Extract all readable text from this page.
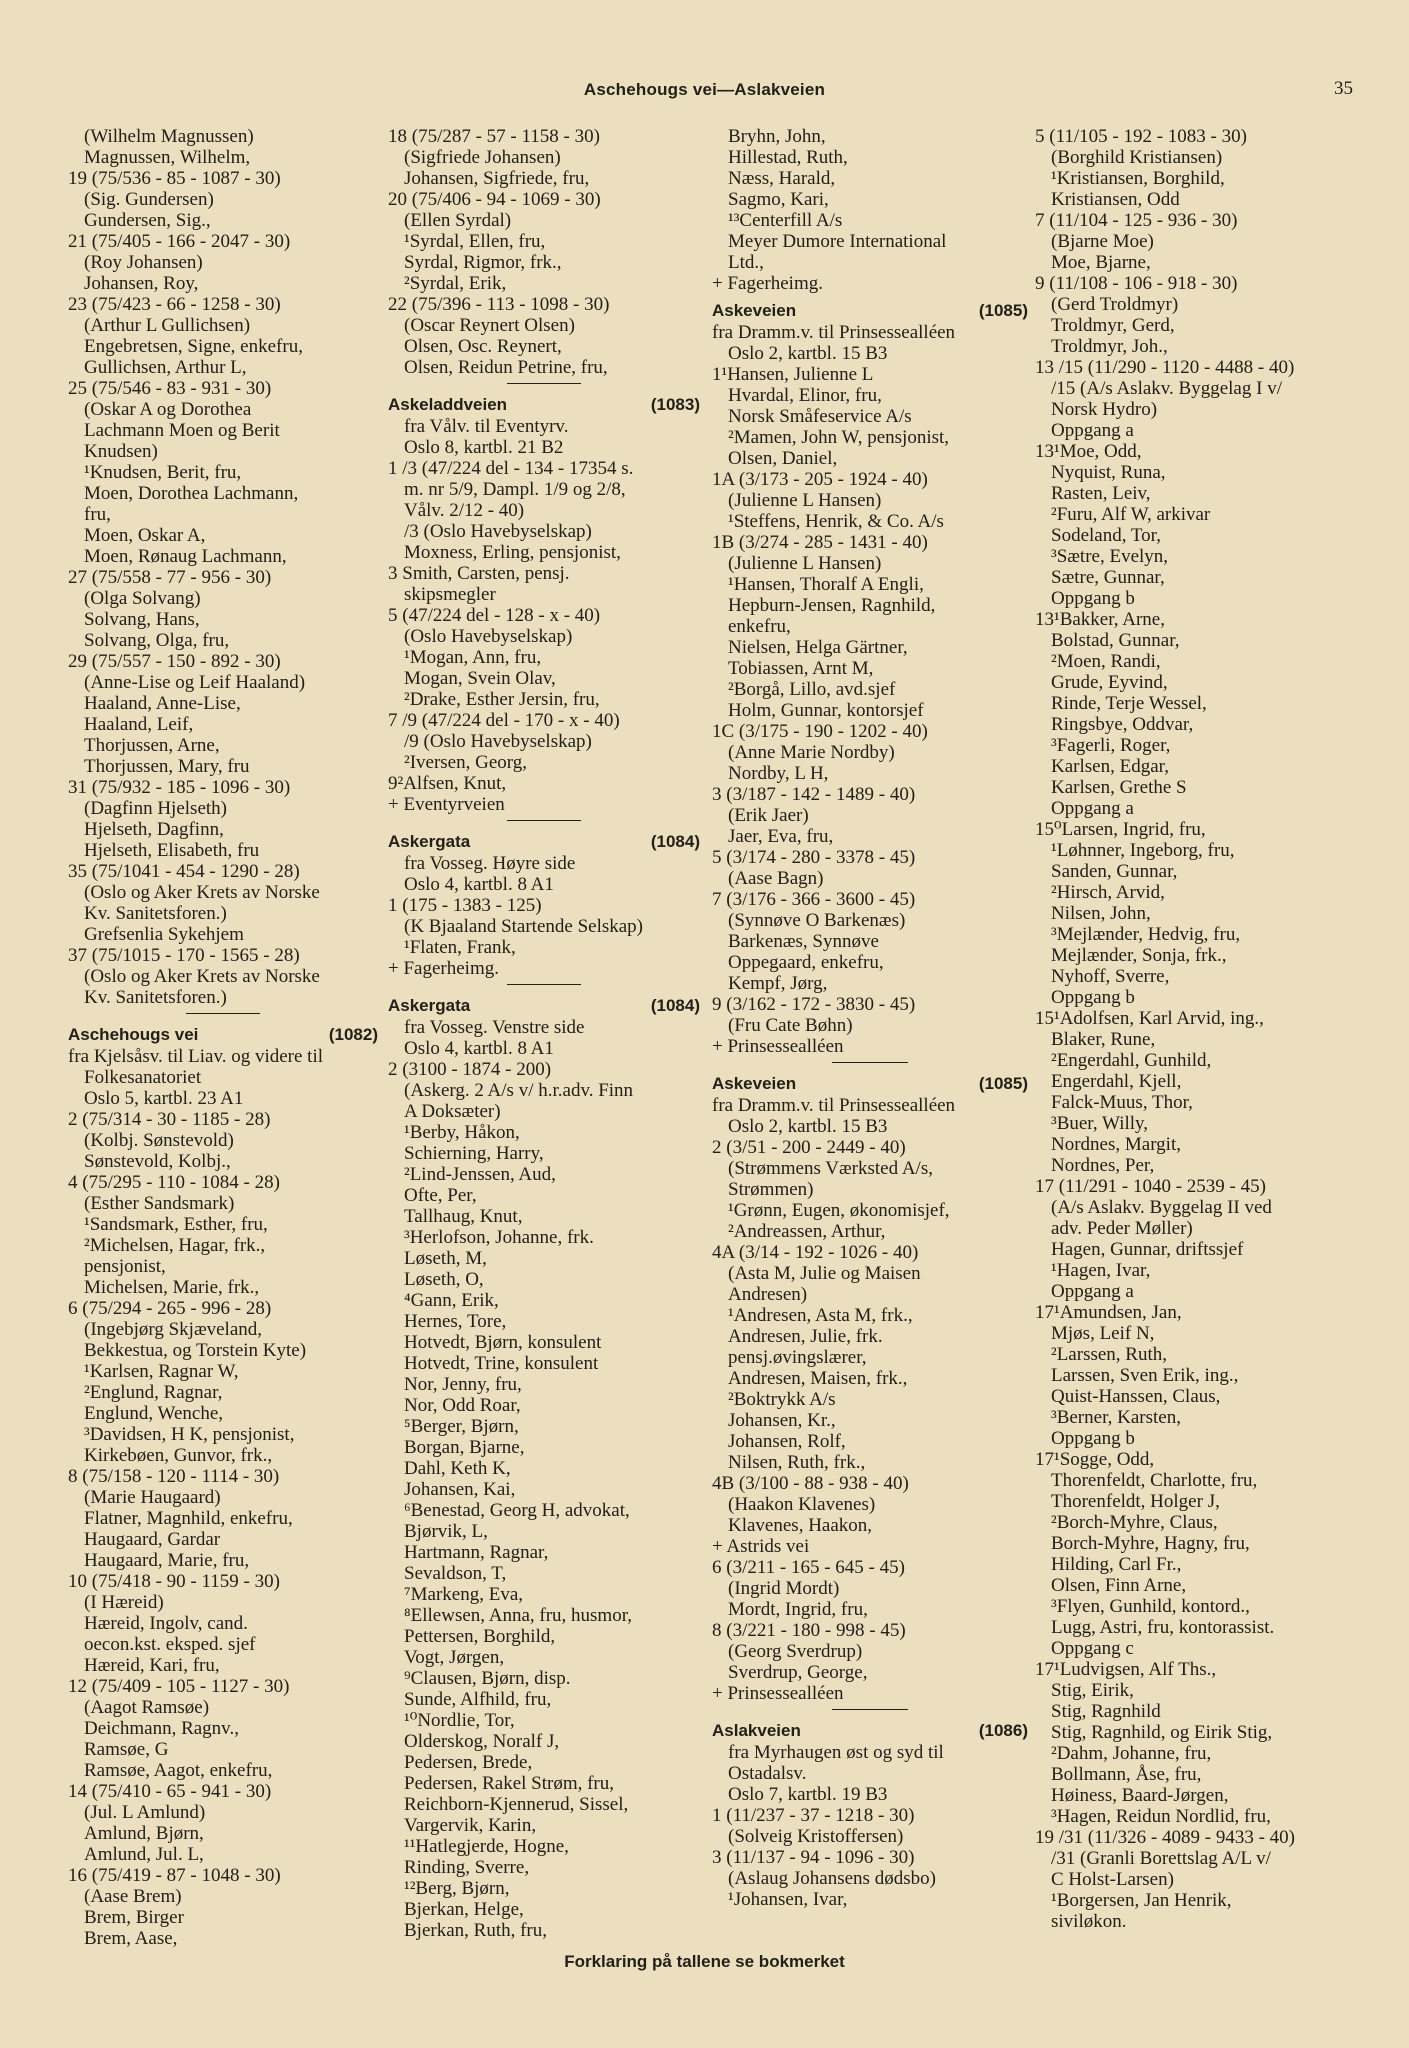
Aschehougs vei—Aslakveien	35
(Wilhelm Magnussen)
Magnussen, Wilhelm,
19 (75/536 - 85 - 1087 - 30)
(Sig. Gundersen)
Gundersen, Sig.,
21 (75/405 - 166 - 2047 - 30)
(Roy Johansen)
Johansen, Roy,
23 (75/423 - 66 - 1258 - 30)
(Arthur L Gullichsen)
Engebretsen, Signe, enkefru,
Gullichsen, Arthur L,
25 (75/546 - 83 - 931 - 30)
(Oskar A og Dorothea
Lachmann Moen og Berit
Knudsen)
¹Knudsen, Berit, fru,
Moen, Dorothea Lachmann,
fru,
Moen, Oskar A,
Moen, Rønaug Lachmann,
27 (75/558 - 77 - 956 - 30)
(Olga Solvang)
Solvang, Hans,
Solvang, Olga, fru,
29 (75/557 - 150 - 892 - 30)
(Anne-Lise og Leif Haaland)
Haaland, Anne-Lise,
Haaland, Leif,
Thorjussen, Arne,
Thorjussen, Mary, fru
31 (75/932 - 185 - 1096 - 30)
(Dagfinn Hjelseth)
Hjelseth, Dagfinn,
Hjelseth, Elisabeth, fru
35 (75/1041 - 454 - 1290 - 28)
(Oslo og Aker Krets av Norske
Kv. Sanitetsforen.)
Grefsenlia Sykehjem
37 (75/1015 - 170 - 1565 - 28)
(Oslo og Aker Krets av Norske
Kv. Sanitetsforen.)
Aschehougs vei	(1082)
fra Kjelsåsv. til Liav. og videre til
Folkesanatoriet
Oslo 5, kartbl. 23 A1
2 (75/314 - 30 - 1185 - 28)
(Kolbj. Sønstevold)
Sønstevold, Kolbj.,
4 (75/295 - 110 - 1084 - 28)
(Esther Sandsmark)
¹Sandsmark, Esther, fru,
²Michelsen, Hagar, frk.,
pensjonist,
Michelsen, Marie, frk.,
6 (75/294 - 265 - 996 - 28)
(Ingebjørg Skjæveland,
Bekkestua, og Torstein Kyte)
¹Karlsen, Ragnar W,
²Englund, Ragnar,
Englund, Wenche,
³Davidsen, H K, pensjonist,
Kirkebøen, Gunvor, frk.,
8 (75/158 - 120 - 1114 - 30)
(Marie Haugaard)
Flatner, Magnhild, enkefru,
Haugaard, Gardar
Haugaard, Marie, fru,
10 (75/418 - 90 - 1159 - 30)
(I Hæreid)
Hæreid, Ingolv, cand.
oecon.kst. eksped. sjef
Hæreid, Kari, fru,
12 (75/409 - 105 - 1127 - 30)
(Aagot Ramsøe)
Deichmann, Ragnv.,
Ramsøe, G
Ramsøe, Aagot, enkefru,
14 (75/410 - 65 - 941 - 30)
(Jul. L Amlund)
Amlund, Bjørn,
Amlund, Jul. L,
16 (75/419 - 87 - 1048 - 30)
(Aase Brem)
Brem, Birger
Brem, Aase,
18 (75/287 - 57 - 1158 - 30)
(Sigfriede Johansen)
Johansen, Sigfriede, fru,
20 (75/406 - 94 - 1069 - 30)
(Ellen Syrdal)
¹Syrdal, Ellen, fru,
Syrdal, Rigmor, frk.,
²Syrdal, Erik,
22 (75/396 - 113 - 1098 - 30)
(Oscar Reynert Olsen)
Olsen, Osc. Reynert,
Olsen, Reidun Petrine, fru,
Askeladdveien	(1083)
fra Vålv. til Eventyrv.
Oslo 8, kartbl. 21 B2
1 /3 (47/224 del - 134 - 17354 s.
m. nr 5/9, Dampl. 1/9 og 2/8,
Vålv. 2/12 - 40)
/3 (Oslo Havebyselskap)
Moxness, Erling, pensjonist,
3 Smith, Carsten, pensj.
skipsmegler
5 (47/224 del - 128 - x - 40)
(Oslo Havebyselskap)
¹Mogan, Ann, fru,
Mogan, Svein Olav,
²Drake, Esther Jersin, fru,
7 /9 (47/224 del - 170 - x - 40)
/9 (Oslo Havebyselskap)
²Iversen, Georg,
9²Alfsen, Knut,
+ Eventyrveien
Askergata	(1084)
fra Vosseg. Høyre side
Oslo 4, kartbl. 8 A1
1 (175 - 1383 - 125)
(K Bjaaland Startende Selskap)
¹Flaten, Frank,
+ Fagerheimg.
Askergata	(1084)
fra Vosseg. Venstre side
Oslo 4, kartbl. 8 A1
2 (3100 - 1874 - 200)
(Askerg. 2 A/s v/ h.r.adv. Finn
A Doksæter)
¹Berby, Håkon,
Schierning, Harry,
²Lind-Jenssen, Aud,
Ofte, Per,
Tallhaug, Knut,
³Herlofson, Johanne, frk.
Løseth, M,
Løseth, O,
⁴Gann, Erik,
Hernes, Tore,
Hotvedt, Bjørn, konsulent
Hotvedt, Trine, konsulent
Nor, Jenny, fru,
Nor, Odd Roar,
⁵Berger, Bjørn,
Borgan, Bjarne,
Dahl, Keth K,
Johansen, Kai,
⁶Benestad, Georg H, advokat,
Bjørvik, L,
Hartmann, Ragnar,
Sevaldson, T,
⁷Markeng, Eva,
⁸Ellewsen, Anna, fru, husmor,
Pettersen, Borghild,
Vogt, Jørgen,
⁹Clausen, Bjørn, disp.
Sunde, Alfhild, fru,
¹⁰Nordlie, Tor,
Olderskog, Noralf J,
Pedersen, Brede,
Pedersen, Rakel Strøm, fru,
Reichborn-Kjennerud, Sissel,
Vargervik, Karin,
¹¹Hatlegjerde, Hogne,
Rinding, Sverre,
¹²Berg, Bjørn,
Bjerkan, Helge,
Bjerkan, Ruth, fru,
Bryhn, John,
Hillestad, Ruth,
Næss, Harald,
Sagmo, Kari,
¹³Centerfill A/s
Meyer Dumore International
Ltd.,
+ Fagerheimg.
Askeveien	(1085)
fra Dramm.v. til Prinsessealléen
Oslo 2, kartbl. 15 B3
1¹Hansen, Julienne L
Hvardal, Elinor, fru,
Norsk Småfeservice A/s
²Mamen, John W, pensjonist,
Olsen, Daniel,
1A (3/173 - 205 - 1924 - 40)
(Julienne L Hansen)
¹Steffens, Henrik, & Co. A/s
1B (3/274 - 285 - 1431 - 40)
(Julienne L Hansen)
¹Hansen, Thoralf A Engli,
Hepburn-Jensen, Ragnhild,
enkefru,
Nielsen, Helga Gärtner,
Tobiassen, Arnt M,
²Borgå, Lillo, avd.sjef
Holm, Gunnar, kontorsjef
1C (3/175 - 190 - 1202 - 40)
(Anne Marie Nordby)
Nordby, L H,
3 (3/187 - 142 - 1489 - 40)
(Erik Jaer)
Jaer, Eva, fru,
5 (3/174 - 280 - 3378 - 45)
(Aase Bagn)
7 (3/176 - 366 - 3600 - 45)
(Synnøve O Barkenæs)
Barkenæs, Synnøve
Oppegaard, enkefru,
Kempf, Jørg,
9 (3/162 - 172 - 3830 - 45)
(Fru Cate Bøhn)
+ Prinsessealléen
Askeveien	(1085)
fra Dramm.v. til Prinsessealléen
Oslo 2, kartbl. 15 B3
2 (3/51 - 200 - 2449 - 40)
(Strømmens Værksted A/s,
Strømmen)
¹Grønn, Eugen, økonomisjef,
²Andreassen, Arthur,
4A (3/14 - 192 - 1026 - 40)
(Asta M, Julie og Maisen
Andresen)
¹Andresen, Asta M, frk.,
Andresen, Julie, frk.
pensj.øvingslærer,
Andresen, Maisen, frk.,
²Boktrykk A/s
Johansen, Kr.,
Johansen, Rolf,
Nilsen, Ruth, frk.,
4B (3/100 - 88 - 938 - 40)
(Haakon Klavenes)
Klavenes, Haakon,
+ Astrids vei
6 (3/211 - 165 - 645 - 45)
(Ingrid Mordt)
Mordt, Ingrid, fru,
8 (3/221 - 180 - 998 - 45)
(Georg Sverdrup)
Sverdrup, George,
+ Prinsessealléen
Aslakveien	(1086)
fra Myrhaugen øst og syd til
Ostadalsv.
Oslo 7, kartbl. 19 B3
1 (11/237 - 37 - 1218 - 30)
(Solveig Kristoffersen)
3 (11/137 - 94 - 1096 - 30)
(Aslaug Johansens dødsbo)
¹Johansen, Ivar,
5 (11/105 - 192 - 1083 - 30)
(Borghild Kristiansen)
¹Kristiansen, Borghild,
Kristiansen, Odd
7 (11/104 - 125 - 936 - 30)
(Bjarne Moe)
Moe, Bjarne,
9 (11/108 - 106 - 918 - 30)
(Gerd Troldmyr)
Troldmyr, Gerd,
Troldmyr, Joh.,
13 /15 (11/290 - 1120 - 4488 - 40)
/15 (A/s Aslakv. Byggelag I v/
Norsk Hydro)
Oppgang a
13¹Moe, Odd,
Nyquist, Runa,
Rasten, Leiv,
²Furu, Alf W, arkivar
Sodeland, Tor,
³Sætre, Evelyn,
Sætre, Gunnar,
Oppgang b
13¹Bakker, Arne,
Bolstad, Gunnar,
²Moen, Randi,
Grude, Eyvind,
Rinde, Terje Wessel,
Ringsbye, Oddvar,
³Fagerli, Roger,
Karlsen, Edgar,
Karlsen, Grethe S
Oppgang a
15⁰Larsen, Ingrid, fru,
¹Løhnner, Ingeborg, fru,
Sanden, Gunnar,
²Hirsch, Arvid,
Nilsen, John,
³Mejlænder, Hedvig, fru,
Mejlænder, Sonja, frk.,
Nyhoff, Sverre,
Oppgang b
15¹Adolfsen, Karl Arvid, ing.,
Blaker, Rune,
²Engerdahl, Gunhild,
Engerdahl, Kjell,
Falck-Muus, Thor,
³Buer, Willy,
Nordnes, Margit,
Nordnes, Per,
17 (11/291 - 1040 - 2539 - 45)
(A/s Aslakv. Byggelag II ved
adv. Peder Møller)
Hagen, Gunnar, driftssjef
¹Hagen, Ivar,
Oppgang a
17¹Amundsen, Jan,
Mjøs, Leif N,
²Larssen, Ruth,
Larssen, Sven Erik, ing.,
Quist-Hanssen, Claus,
³Berner, Karsten,
Oppgang b
17¹Sogge, Odd,
Thorenfeldt, Charlotte, fru,
Thorenfeldt, Holger J,
²Borch-Myhre, Claus,
Borch-Myhre, Hagny, fru,
Hilding, Carl Fr.,
Olsen, Finn Arne,
³Flyen, Gunhild, kontord.,
Lugg, Astri, fru, kontorassist.
Oppgang c
17¹Ludvigsen, Alf Ths.,
Stig, Eirik,
Stig, Ragnhild
Stig, Ragnhild, og Eirik Stig,
²Dahm, Johanne, fru,
Bollmann, Åse, fru,
Høiness, Baard-Jørgen,
³Hagen, Reidun Nordlid, fru,
19 /31 (11/326 - 4089 - 9433 - 40)
/31 (Granli Borettslag A/L v/
C Holst-Larsen)
¹Borgersen, Jan Henrik,
siviløkon.
Forklaring på tallene se bokmerket
